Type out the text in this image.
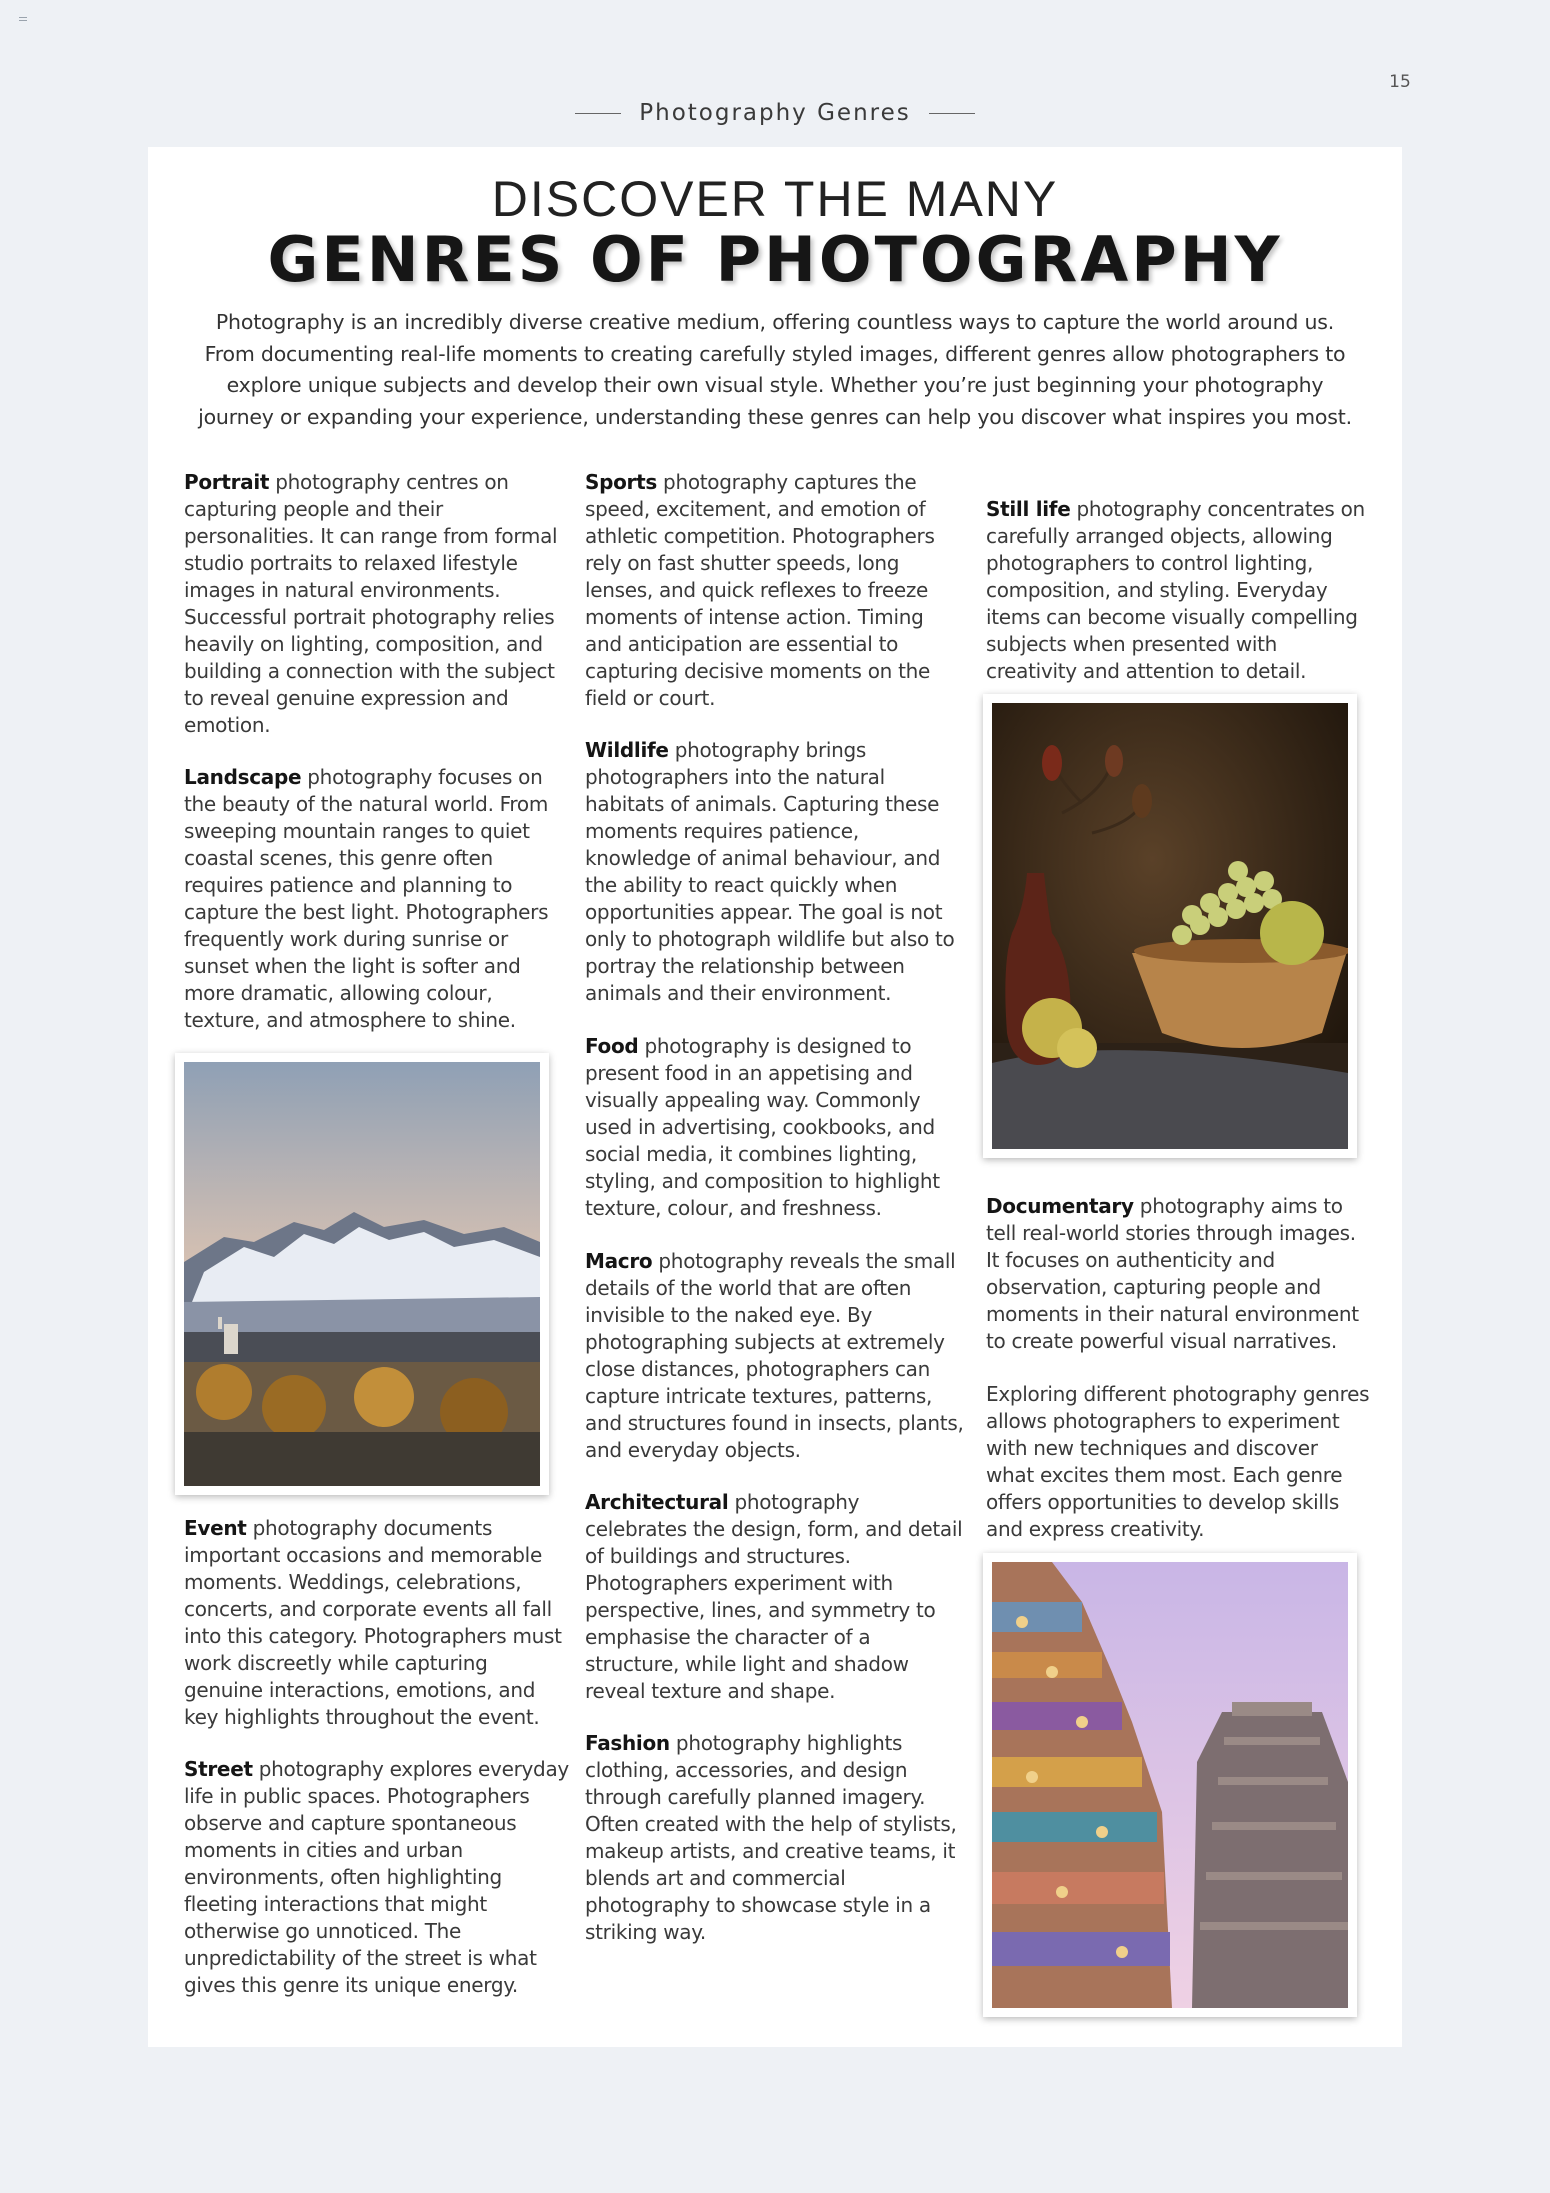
15
Photography Genres
DISCOVER THE MANY
GENRES OF PHOTOGRAPHY
Photography is an incredibly diverse creative medium, offering countless ways to capture the world around us. From documenting real-life moments to creating carefully styled images, different genres allow photographers to explore unique subjects and develop their own visual style. Whether you’re just beginning your photography journey or expanding your experience, understanding these genres can help you discover what inspires you most.

Portrait photography centres on capturing people and their personalities. It can range from formal studio portraits to relaxed lifestyle images in natural environments. Successful portrait photography relies heavily on lighting, composition, and building a connection with the subject to reveal genuine expression and emotion.

Landscape photography focuses on the beauty of the natural world. From sweeping mountain ranges to quiet coastal scenes, this genre often requires patience and planning to capture the best light. Photographers frequently work during sunrise or sunset when the light is softer and more dramatic, allowing colour, texture, and atmosphere to shine.

Event photography documents important occasions and memorable moments. Weddings, celebrations, concerts, and corporate events all fall into this category. Photographers must work discreetly while capturing genuine interactions, emotions, and key highlights throughout the event.

Street photography explores everyday life in public spaces. Photographers observe and capture spontaneous moments in cities and urban environments, often highlighting fleeting interactions that might otherwise go unnoticed. The unpredictability of the street is what gives this genre its unique energy.

Sports photography captures the speed, excitement, and emotion of athletic competition. Photographers rely on fast shutter speeds, long lenses, and quick reflexes to freeze moments of intense action. Timing and anticipation are essential to capturing decisive moments on the field or court.

Wildlife photography brings photographers into the natural habitats of animals. Capturing these moments requires patience, knowledge of animal behaviour, and the ability to react quickly when opportunities appear. The goal is not only to photograph wildlife but also to portray the relationship between animals and their environment.

Food photography is designed to present food in an appetising and visually appealing way. Commonly used in advertising, cookbooks, and social media, it combines lighting, styling, and composition to highlight texture, colour, and freshness.

Macro photography reveals the small details of the world that are often invisible to the naked eye. By photographing subjects at extremely close distances, photographers can capture intricate textures, patterns, and structures found in insects, plants, and everyday objects.

Architectural photography celebrates the design, form, and detail of buildings and structures. Photographers experiment with perspective, lines, and symmetry to emphasise the character of a structure, while light and shadow reveal texture and shape.

Fashion photography highlights clothing, accessories, and design through carefully planned imagery. Often created with the help of stylists, makeup artists, and creative teams, it blends art and commercial photography to showcase style in a striking way.

Still life photography concentrates on carefully arranged objects, allowing photographers to control lighting, composition, and styling. Everyday items can become visually compelling subjects when presented with creativity and attention to detail.

Documentary photography aims to tell real-world stories through images. It focuses on authenticity and observation, capturing people and moments in their natural environment to create powerful visual narratives.

Exploring different photography genres allows photographers to experiment with new techniques and discover what excites them most. Each genre offers opportunities to develop skills and express creativity.
